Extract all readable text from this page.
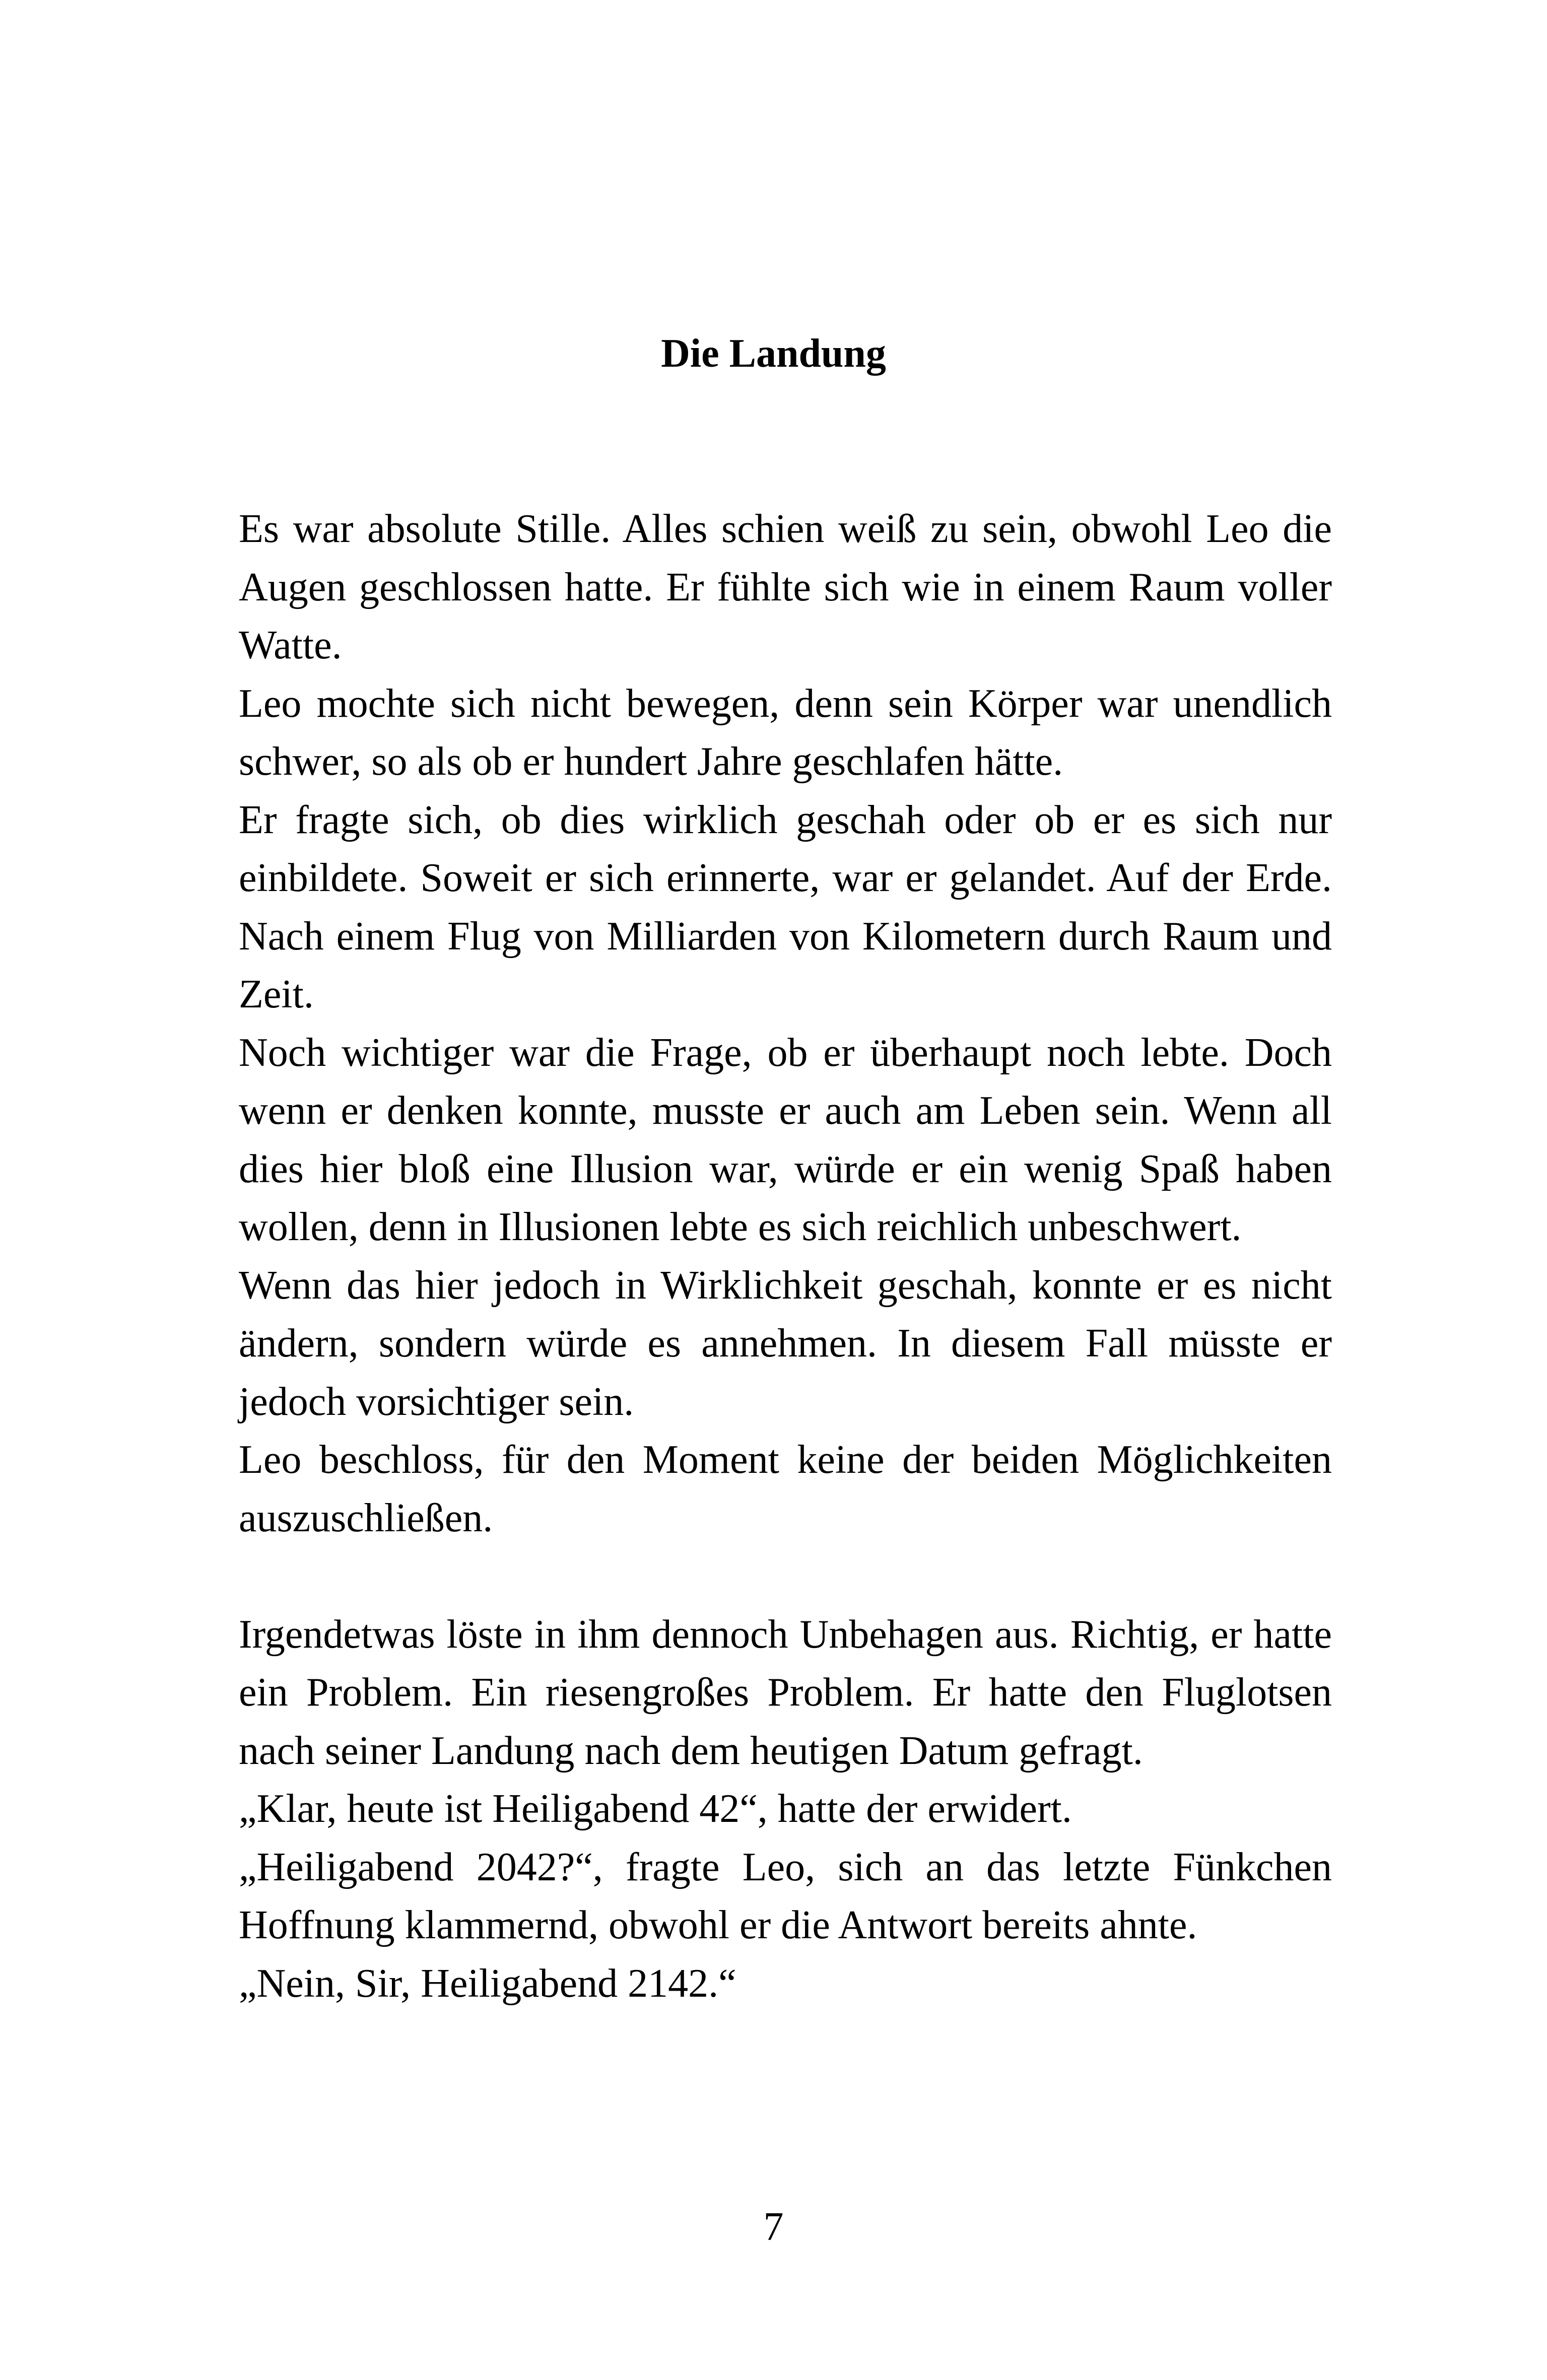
Die Landung

Es war absolute Stille. Alles schien weiß zu sein, obwohl Leo die Augen geschlossen hatte. Er fühlte sich wie in einem Raum voller Watte.

Leo mochte sich nicht bewegen, denn sein Körper war unendlich schwer, so als ob er hundert Jahre geschlafen hätte.

Er fragte sich, ob dies wirklich geschah oder ob er es sich nur einbildete. Soweit er sich erinnerte, war er gelandet. Auf der Erde. Nach einem Flug von Milliarden von Kilometern durch Raum und Zeit.

Noch wichtiger war die Frage, ob er überhaupt noch lebte. Doch wenn er denken konnte, musste er auch am Leben sein. Wenn all dies hier bloß eine Illusion war, würde er ein wenig Spaß haben wollen, denn in Illusionen lebte es sich reichlich unbeschwert.

Wenn das hier jedoch in Wirklichkeit geschah, konnte er es nicht ändern, sondern würde es annehmen. In diesem Fall müsste er jedoch vorsichtiger sein.

Leo beschloss, für den Moment keine der beiden Möglichkeiten auszuschließen.

Irgendetwas löste in ihm dennoch Unbehagen aus. Richtig, er hatte ein Problem. Ein riesengroßes Problem. Er hatte den Fluglotsen nach seiner Landung nach dem heutigen Datum gefragt.

„Klar, heute ist Heiligabend 42“, hatte der erwidert.

„Heiligabend 2042?“, fragte Leo, sich an das letzte Fünkchen Hoffnung klammernd, obwohl er die Antwort bereits ahnte.

„Nein, Sir, Heiligabend 2142.“

7
